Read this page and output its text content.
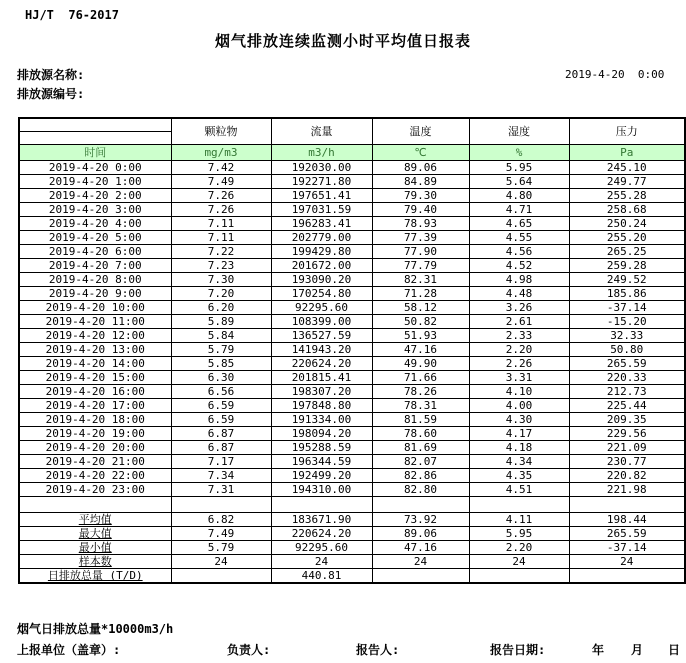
HJ/T  76-2017
烟气排放连续监测小时平均值日报表
排放源名称:	2019-4-20  0:00
排放源编号:
	颗粒物	流量	温度	湿度	压力

时间	mg/m3	m3/h	℃	%	Pa
2019-4-20 0:00	7.42	192030.00	89.06	5.95	245.10
2019-4-20 1:00	7.49	192271.80	84.89	5.64	249.77
2019-4-20 2:00	7.26	197651.41	79.30	4.80	255.28
2019-4-20 3:00	7.26	197031.59	79.40	4.71	258.68
2019-4-20 4:00	7.11	196283.41	78.93	4.65	250.24
2019-4-20 5:00	7.11	202779.00	77.39	4.55	255.20
2019-4-20 6:00	7.22	199429.80	77.90	4.56	265.25
2019-4-20 7:00	7.23	201672.00	77.79	4.52	259.28
2019-4-20 8:00	7.30	193090.20	82.31	4.98	249.52
2019-4-20 9:00	7.20	170254.80	71.28	4.48	185.86
2019-4-20 10:00	6.20	92295.60	58.12	3.26	-37.14
2019-4-20 11:00	5.89	108399.00	50.82	2.61	-15.20
2019-4-20 12:00	5.84	136527.59	51.93	2.33	32.33
2019-4-20 13:00	5.79	141943.20	47.16	2.20	50.80
2019-4-20 14:00	5.85	220624.20	49.90	2.26	265.59
2019-4-20 15:00	6.30	201815.41	71.66	3.31	220.33
2019-4-20 16:00	6.56	198307.20	78.26	4.10	212.73
2019-4-20 17:00	6.59	197848.80	78.31	4.00	225.44
2019-4-20 18:00	6.59	191334.00	81.59	4.30	209.35
2019-4-20 19:00	6.87	198094.20	78.60	4.17	229.56
2019-4-20 20:00	6.87	195288.59	81.69	4.18	221.09
2019-4-20 21:00	7.17	196344.59	82.07	4.34	230.77
2019-4-20 22:00	7.34	192499.20	82.86	4.35	220.82
2019-4-20 23:00	7.31	194310.00	82.80	4.51	221.98

平均值	6.82	183671.90	73.92	4.11	198.44
最大值	7.49	220624.20	89.06	5.95	265.59
最小值	5.79	92295.60	47.16	2.20	-37.14
样本数	24	24	24	24	24
日排放总量 (T/D)		440.81			
烟气日排放总量*10000m3/h
上报单位（盖章）:	负责人:	报告人:	报告日期:	年 月 日
